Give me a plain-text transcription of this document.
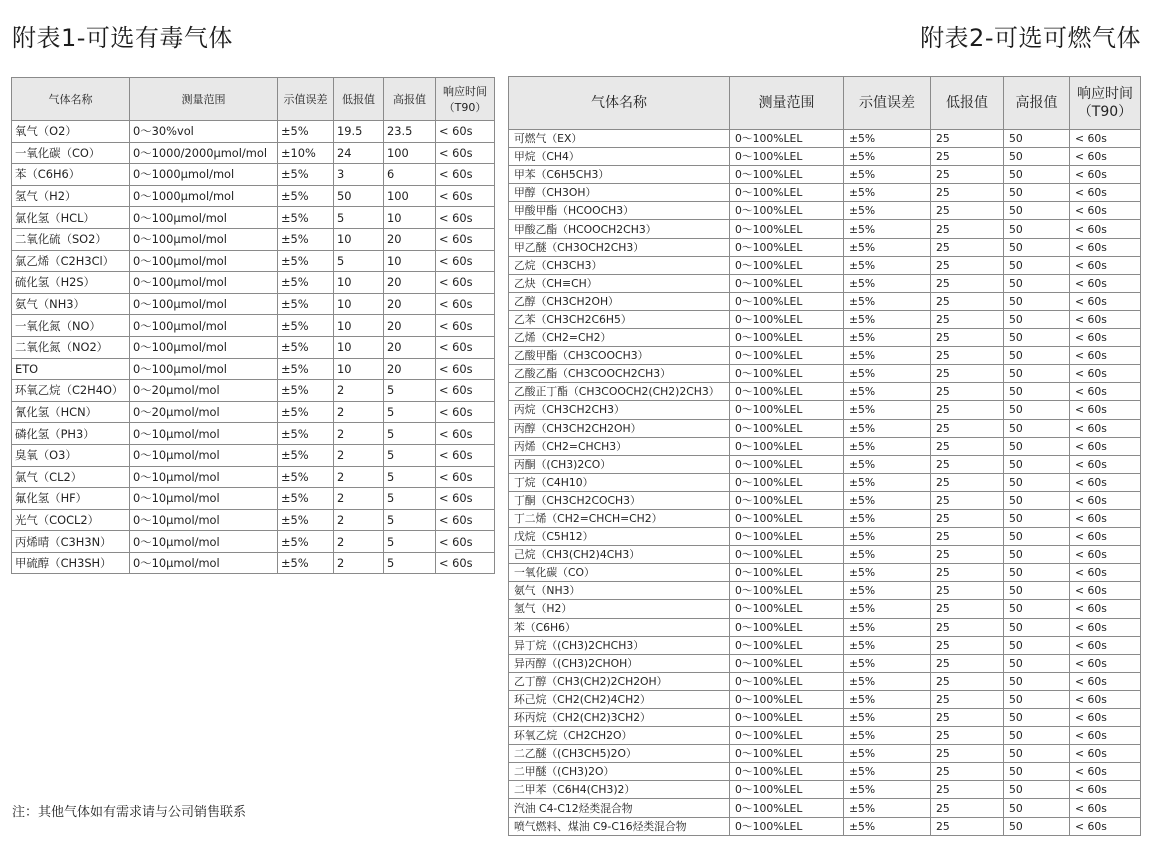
附表1-可选有毒气体	附表2-可选可燃气体
气体名称	测量范围	示值误差	低报值	高报值	响应时间
（T90）
氧气（O2）	0～30%vol	±5%	19.5	23.5	< 60s
一氧化碳（CO）	0～1000/2000μmol/mol	±10%	24	100	< 60s
苯（C6H6）	0～1000μmol/mol	±5%	3	6	< 60s
氢气（H2）	0～1000μmol/mol	±5%	50	100	< 60s
氯化氢（HCL）	0～100μmol/mol	±5%	5	10	< 60s
二氧化硫（SO2）	0～100μmol/mol	±5%	10	20	< 60s
氯乙烯（C2H3Cl）	0～100μmol/mol	±5%	5	10	< 60s
硫化氢（H2S）	0～100μmol/mol	±5%	10	20	< 60s
氨气（NH3）	0～100μmol/mol	±5%	10	20	< 60s
一氧化氮（NO）	0～100μmol/mol	±5%	10	20	< 60s
二氧化氮（NO2）	0～100μmol/mol	±5%	10	20	< 60s
ETO	0～100μmol/mol	±5%	10	20	< 60s
环氧乙烷（C2H4O）	0～20μmol/mol	±5%	2	5	< 60s
氰化氢（HCN）	0～20μmol/mol	±5%	2	5	< 60s
磷化氢（PH3）	0～10μmol/mol	±5%	2	5	< 60s
臭氧（O3）	0～10μmol/mol	±5%	2	5	< 60s
氯气（CL2）	0～10μmol/mol	±5%	2	5	< 60s
氟化氢（HF）	0～10μmol/mol	±5%	2	5	< 60s
光气（COCL2）	0～10μmol/mol	±5%	2	5	< 60s
丙烯晴（C3H3N）	0～10μmol/mol	±5%	2	5	< 60s
甲硫醇（CH3SH）	0～10μmol/mol	±5%	2	5	< 60s
气体名称	测量范围	示值误差	低报值	高报值	响应时间
（T90）
可燃气（EX）	0～100%LEL	±5%	25	50	< 60s
甲烷（CH4）	0～100%LEL	±5%	25	50	< 60s
甲苯（C6H5CH3）	0～100%LEL	±5%	25	50	< 60s
甲醇（CH3OH）	0～100%LEL	±5%	25	50	< 60s
甲酸甲酯（HCOOCH3）	0～100%LEL	±5%	25	50	< 60s
甲酸乙酯（HCOOCH2CH3）	0～100%LEL	±5%	25	50	< 60s
甲乙醚（CH3OCH2CH3）	0～100%LEL	±5%	25	50	< 60s
乙烷（CH3CH3）	0～100%LEL	±5%	25	50	< 60s
乙炔（CH≡CH）	0～100%LEL	±5%	25	50	< 60s
乙醇（CH3CH2OH）	0～100%LEL	±5%	25	50	< 60s
乙苯（CH3CH2C6H5）	0～100%LEL	±5%	25	50	< 60s
乙烯（CH2=CH2）	0～100%LEL	±5%	25	50	< 60s
乙酸甲酯（CH3COOCH3）	0～100%LEL	±5%	25	50	< 60s
乙酸乙酯（CH3COOCH2CH3）	0～100%LEL	±5%	25	50	< 60s
乙酸正丁酯（CH3COOCH2(CH2)2CH3）	0～100%LEL	±5%	25	50	< 60s
丙烷（CH3CH2CH3）	0～100%LEL	±5%	25	50	< 60s
丙醇（CH3CH2CH2OH）	0～100%LEL	±5%	25	50	< 60s
丙烯（CH2=CHCH3）	0～100%LEL	±5%	25	50	< 60s
丙酮（(CH3)2CO）	0～100%LEL	±5%	25	50	< 60s
丁烷（C4H10）	0～100%LEL	±5%	25	50	< 60s
丁酮（CH3CH2COCH3）	0～100%LEL	±5%	25	50	< 60s
丁二烯（CH2=CHCH=CH2）	0～100%LEL	±5%	25	50	< 60s
戊烷（C5H12）	0～100%LEL	±5%	25	50	< 60s
己烷（CH3(CH2)4CH3）	0～100%LEL	±5%	25	50	< 60s
一氧化碳（CO）	0～100%LEL	±5%	25	50	< 60s
氨气（NH3）	0～100%LEL	±5%	25	50	< 60s
氢气（H2）	0～100%LEL	±5%	25	50	< 60s
苯（C6H6）	0～100%LEL	±5%	25	50	< 60s
异丁烷（(CH3)2CHCH3）	0～100%LEL	±5%	25	50	< 60s
异丙醇（(CH3)2CHOH）	0～100%LEL	±5%	25	50	< 60s
乙丁醇（CH3(CH2)2CH2OH）	0～100%LEL	±5%	25	50	< 60s
环己烷（CH2(CH2)4CH2）	0～100%LEL	±5%	25	50	< 60s
环丙烷（CH2(CH2)3CH2）	0～100%LEL	±5%	25	50	< 60s
环氧乙烷（CH2CH2O）	0～100%LEL	±5%	25	50	< 60s
二乙醚（(CH3CH5)2O）	0～100%LEL	±5%	25	50	< 60s
二甲醚（(CH3)2O）	0～100%LEL	±5%	25	50	< 60s
二甲苯（C6H4(CH3)2）	0～100%LEL	±5%	25	50	< 60s
汽油 C4-C12烃类混合物	0～100%LEL	±5%	25	50	< 60s
喷气燃料、煤油 C9-C16烃类混合物	0～100%LEL	±5%	25	50	< 60s
注：其他气体如有需求请与公司销售联系
